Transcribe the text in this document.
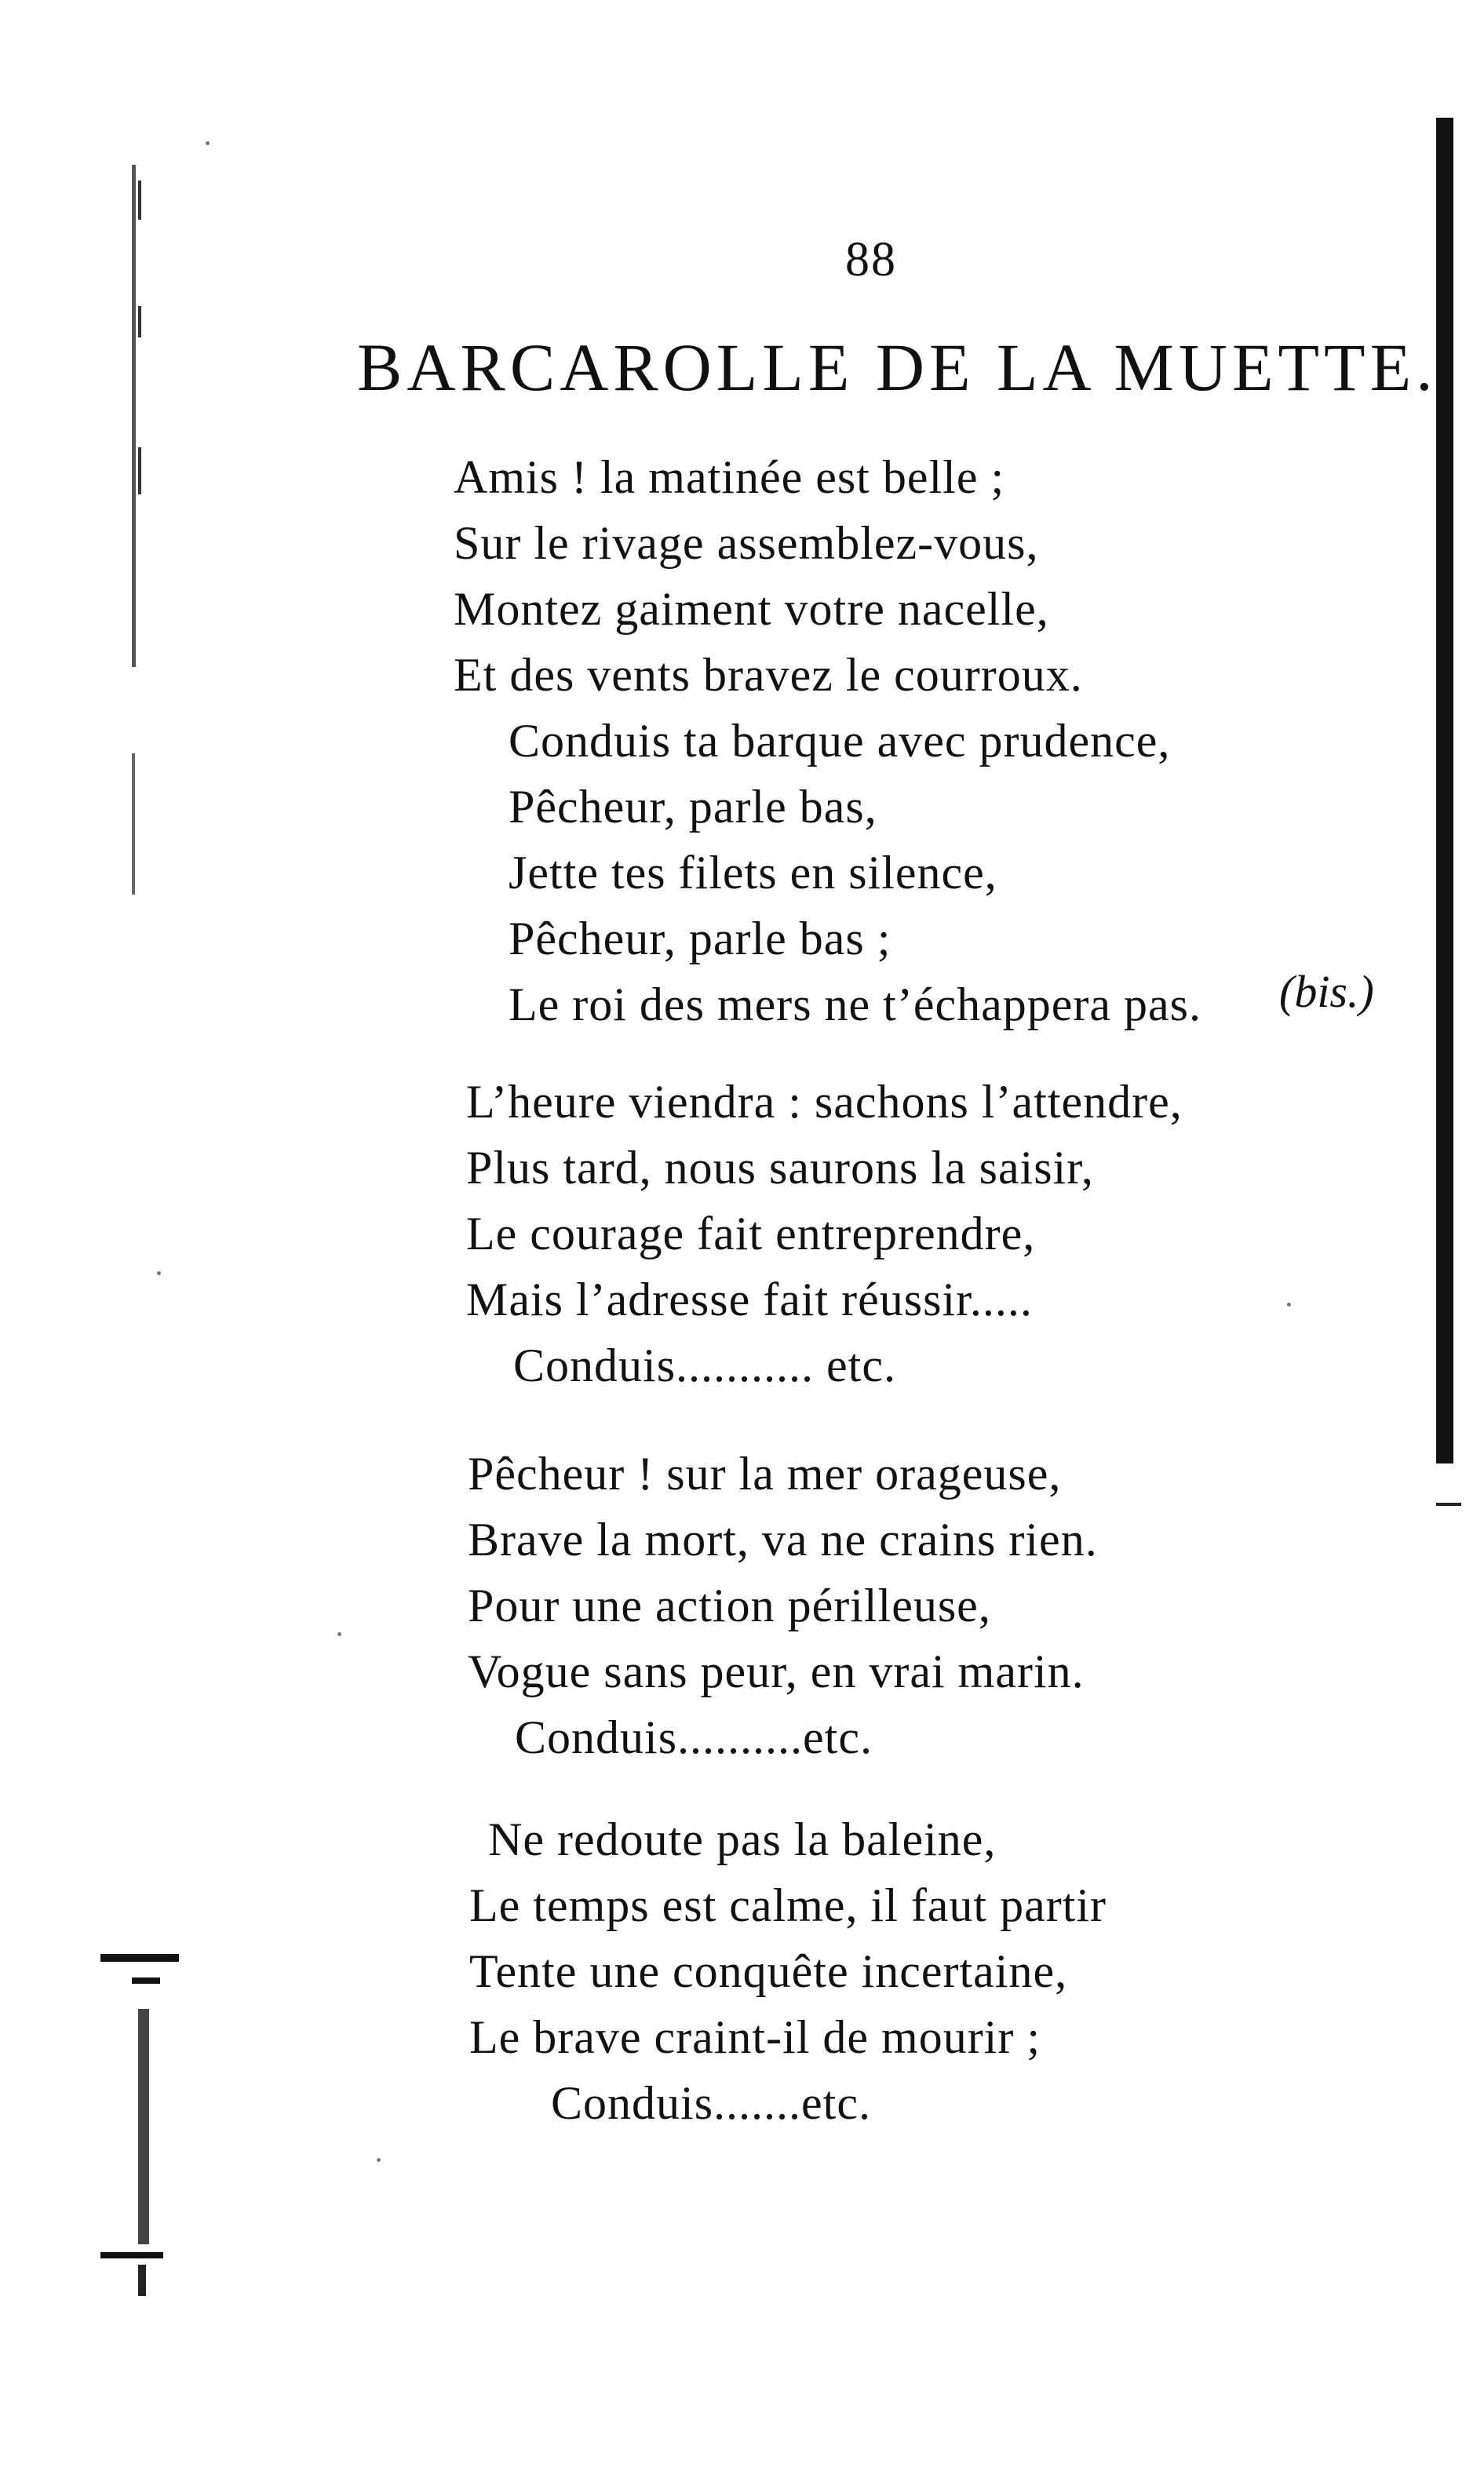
88
BARCAROLLE DE LA MUETTE.
Amis ! la matinée est belle ;
Sur le rivage assemblez-vous,
Montez gaiment votre nacelle,
Et des vents bravez le courroux.
Conduis ta barque avec prudence,
Pêcheur, parle bas,
Jette tes filets en silence,
Pêcheur, parle bas ;
Le roi des mers ne t’échappera pas. (bis.)
L’heure viendra : sachons l’attendre,
Plus tard, nous saurons la saisir,
Le courage fait entreprendre,
Mais l’adresse fait réussir.....
Conduis........... etc.
Pêcheur ! sur la mer orageuse,
Brave la mort, va ne crains rien.
Pour une action périlleuse,
Vogue sans peur, en vrai marin.
Conduis..........etc.
Ne redoute pas la baleine,
Le temps est calme, il faut partir
Tente une conquête incertaine,
Le brave craint-il de mourir ;
Conduis.......etc.
